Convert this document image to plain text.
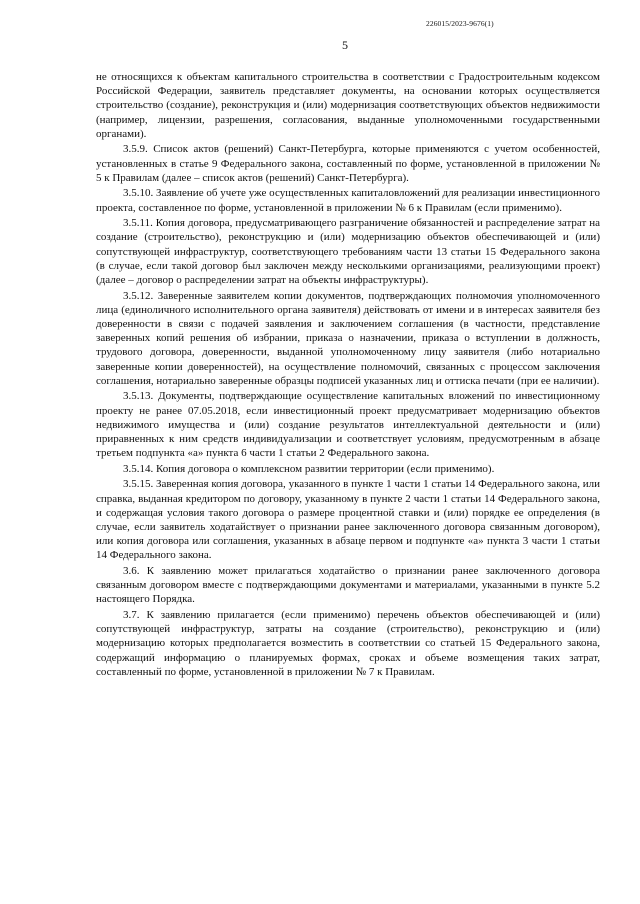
226015/2023-9676(1)
5

не относящихся к объектам капитального строительства в соответствии с Градостроительным кодексом Российской Федерации, заявитель представляет документы, на основании которых осуществляется строительство (создание), реконструкция и (или) модернизация соответствующих объектов недвижимости (например, лицензии, разрешения, согласования, выданные уполномоченными государственными органами).

3.5.9. Список актов (решений) Санкт-Петербурга, которые применяются с учетом особенностей, установленных в статье 9 Федерального закона, составленный по форме, установленной в приложении № 5 к Правилам (далее – список актов (решений) Санкт-Петербурга).

3.5.10. Заявление об учете уже осуществленных капиталовложений для реализации инвестиционного проекта, составленное по форме, установленной в приложении № 6 к Правилам (если применимо).

3.5.11. Копия договора, предусматривающего разграничение обязанностей и распределение затрат на создание (строительство), реконструкцию и (или) модернизацию объектов обеспечивающей и (или) сопутствующей инфраструктур, соответствующего требованиям части 13 статьи 15 Федерального закона (в случае, если такой договор был заключен между несколькими организациями, реализующими проект) (далее – договор о распределении затрат на объекты инфраструктуры).

3.5.12. Заверенные заявителем копии документов, подтверждающих полномочия уполномоченного лица (единоличного исполнительного органа заявителя) действовать от имени и в интересах заявителя без доверенности в связи с подачей заявления и заключением соглашения (в частности, представление заверенных копий решения об избрании, приказа о назначении, приказа о вступлении в должность, трудового договора, доверенности, выданной уполномоченному лицу заявителя (либо нотариально заверенные копии доверенностей), на осуществление полномочий, связанных с процессом заключения соглашения, нотариально заверенные образцы подписей указанных лиц и оттиска печати (при ее наличии).

3.5.13. Документы, подтверждающие осуществление капитальных вложений по инвестиционному проекту не ранее 07.05.2018, если инвестиционный проект предусматривает модернизацию объектов недвижимого имущества и (или) создание результатов интеллектуальной деятельности и (или) приравненных к ним средств индивидуализации и соответствует условиям, предусмотренным в абзаце третьем подпункта «а» пункта 6 части 1 статьи 2 Федерального закона.

3.5.14. Копия договора о комплексном развитии территории (если применимо).

3.5.15. Заверенная копия договора, указанного в пункте 1 части 1 статьи 14 Федерального закона, или справка, выданная кредитором по договору, указанному в пункте 2 части 1 статьи 14 Федерального закона, и содержащая условия такого договора о размере процентной ставки и (или) порядке ее определения (в случае, если заявитель ходатайствует о признании ранее заключенного договора связанным договором), или копия договора или соглашения, указанных в абзаце первом и подпункте «а» пункта 3 части 1 статьи 14 Федерального закона.

3.6. К заявлению может прилагаться ходатайство о признании ранее заключенного договора связанным договором вместе с подтверждающими документами и материалами, указанными в пункте 5.2 настоящего Порядка.

3.7. К заявлению прилагается (если применимо) перечень объектов обеспечивающей и (или) сопутствующей инфраструктур, затраты на создание (строительство), реконструкцию и (или) модернизацию которых предполагается возместить в соответствии со статьей 15 Федерального закона, содержащий информацию о планируемых формах, сроках и объеме возмещения таких затрат, составленный по форме, установленной в приложении № 7 к Правилам.
